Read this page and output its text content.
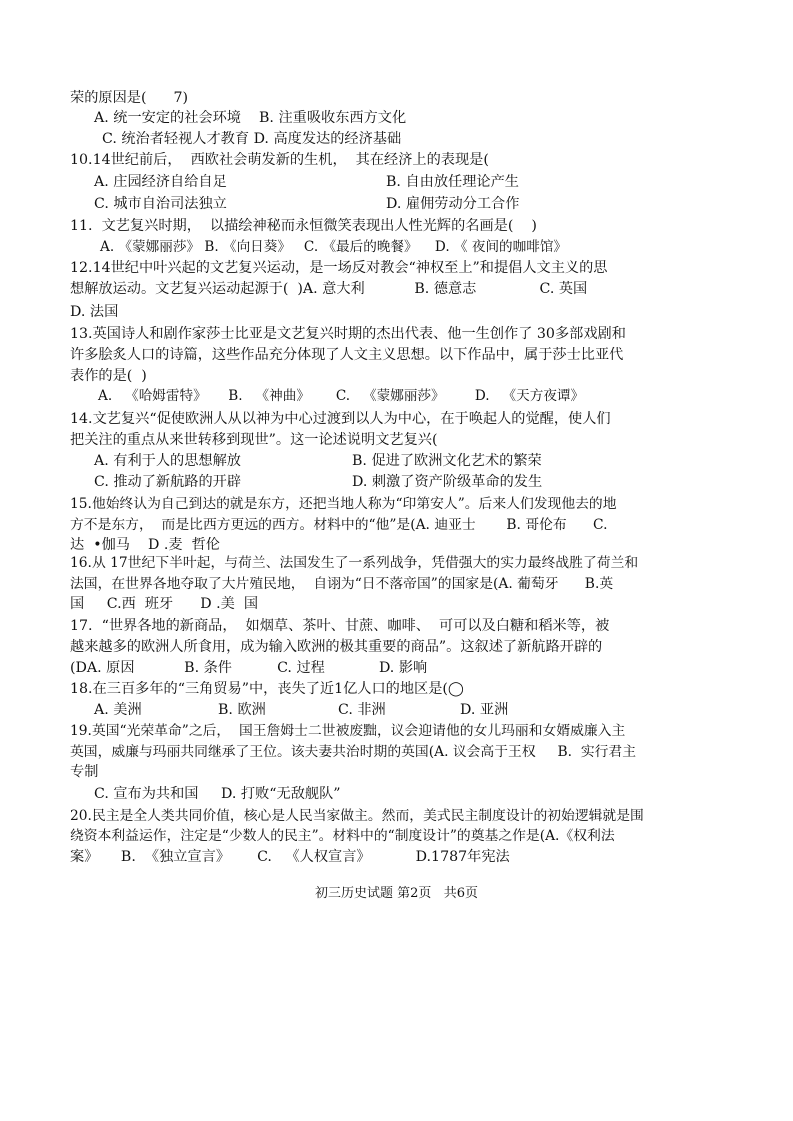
荣的原因是(      7)
A. 统一安定的社会环境    B. 注重吸收东西方文化
C. 统治者轻视人才教育 D. 高度发达的经济基础
10.14世纪前后，  西欧社会萌发新的生机，  其在经济上的表现是(
A. 庄园经济自给自足	B. 自由放任理论产生
C. 城市自治司法独立	D. 雇佣劳动分工合作
11.  文艺复兴时期，  以描绘神秘而永恒微笑表现出人性光辉的名画是(    )
A. 《蒙娜丽莎》 B. 《向日葵》   C. 《最后的晚餐》    D. 《 夜间的咖啡馆》
12.14世纪中叶兴起的文艺复兴运动，是一场反对教会“神权至上”和提倡人文主义的思
想解放运动。文艺复兴运动起源于(  )A. 意大利           B. 德意志              C. 英国
D. 法国
13.英国诗人和剧作家莎士比亚是文艺复兴时期的杰出代表、他一生创作了 30多部戏剧和
许多脍炙人口的诗篇，这些作品充分体现了人文主义思想。以下作品中，属于莎士比亚代
表作的是(  )
A.   《哈姆雷特》     B.   《神曲》      C.   《蒙娜丽莎》       D.   《天方夜谭》
14.文艺复兴“促使欧洲人从以神为中心过渡到以人为中心，在于唤起人的觉醒，使人们
把关注的重点从来世转移到现世”。这一论述说明文艺复兴(
A. 有利于人的思想解放	B. 促进了欧洲文化艺术的繁荣
C. 推动了新航路的开辟	D. 刺激了资产阶级革命的发生
15.他始终认为自己到达的就是东方，还把当地人称为“印第安人”。后来人们发现他去的地
方不是东方，  而是比西方更远的西方。材料中的“他”是(A. 迪亚士       B. 哥伦布      C.
达  •伽马    D .麦  哲伦
16.从 17世纪下半叶起，与荷兰、法国发生了一系列战争，凭借强大的实力最终战胜了荷兰和
法国，在世界各地夺取了大片殖民地，  自诩为“日不落帝国”的国家是(A. 葡萄牙      B.英
国     C.西  班牙      D .美  国
17.  “世界各地的新商品，  如烟草、茶叶、甘蔗、咖啡、  可可以及白糖和稻米等，被
越来越多的欧洲人所食用，成为输入欧洲的极其重要的商品”。这叙述了新航路开辟的
(DA. 原因           B. 条件          C. 过程            D. 影响
18.在三百多年的“三角贸易”中，丧失了近1亿人口的地区是(◯
A. 美洲	B. 欧洲	C. 非洲	D. 亚洲
19.英国“光荣革命”之后，  国王詹姆士二世被废黜，议会迎请他的女儿玛丽和女婿威廉入主
英国，威廉与玛丽共同继承了王位。该夫妻共治时期的英国(A. 议会高于王权     B.  实行君主
专制
C. 宣布为共和国     D. 打败“无敌舰队”
20.民主是全人类共同价值，核心是人民当家做主。然而，美式民主制度设计的初始逻辑就是围
绕资本利益运作，注定是“少数人的民主”。材料中的“制度设计”的奠基之作是(A.《权利法
案》     B.  《独立宣言》      C.   《人权宣言》          D.1787年宪法
初三历史试题 第2页   共6页
